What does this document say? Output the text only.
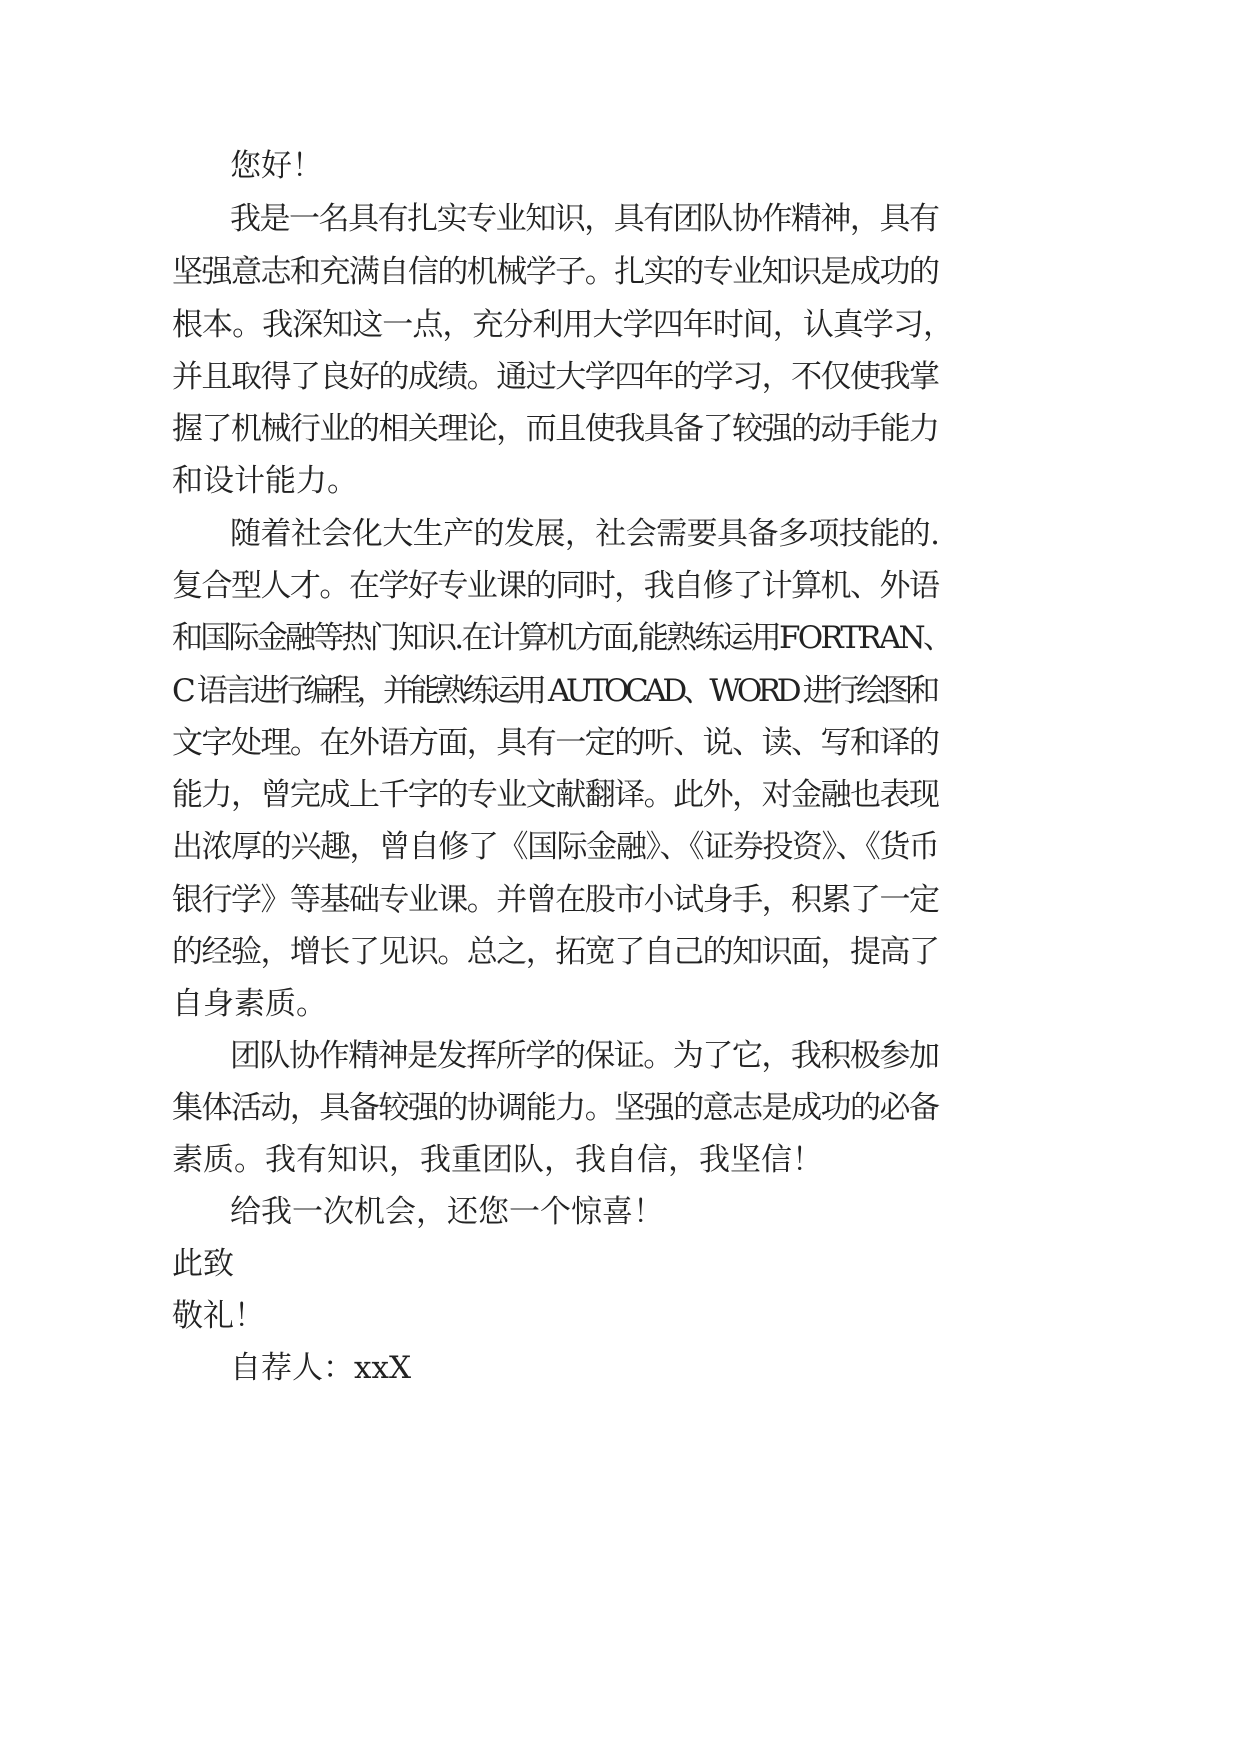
您好！
我是一名具有扎实专业知识，具有团队协作精神，具有
坚强意志和充满自信的机械学子。扎实的专业知识是成功的
根本。我深知这一点，充分利用大学四年时间，认真学习，
并且取得了良好的成绩。通过大学四年的学习，不仅使我掌
握了机械行业的相关理论，而且使我具备了较强的动手能力
和设计能力。
随着社会化大生产的发展，社会需要具备多项技能的.
复合型人才。在学好专业课的同时，我自修了计算机、外语
和国际金融等热门知识.在计算机方面,能熟练运用FORTRAN、
C 语言进行编程，并能熟练运用 AUTOCAD、WORD 进行绘图和
文字处理。在外语方面，具有一定的听、说、读、写和译的
能力，曾完成上千字的专业文献翻译。此外，对金融也表现
出浓厚的兴趣，曾自修了《国际金融》、《证券投资》、《货币
银行学》等基础专业课。并曾在股市小试身手，积累了一定
的经验，增长了见识。总之，拓宽了自己的知识面，提高了
自身素质。
团队协作精神是发挥所学的保证。为了它，我积极参加
集体活动，具备较强的协调能力。坚强的意志是成功的必备
素质。我有知识，我重团队，我自信，我坚信！
给我一次机会，还您一个惊喜！
此致
敬礼！
自荐人：xxX
